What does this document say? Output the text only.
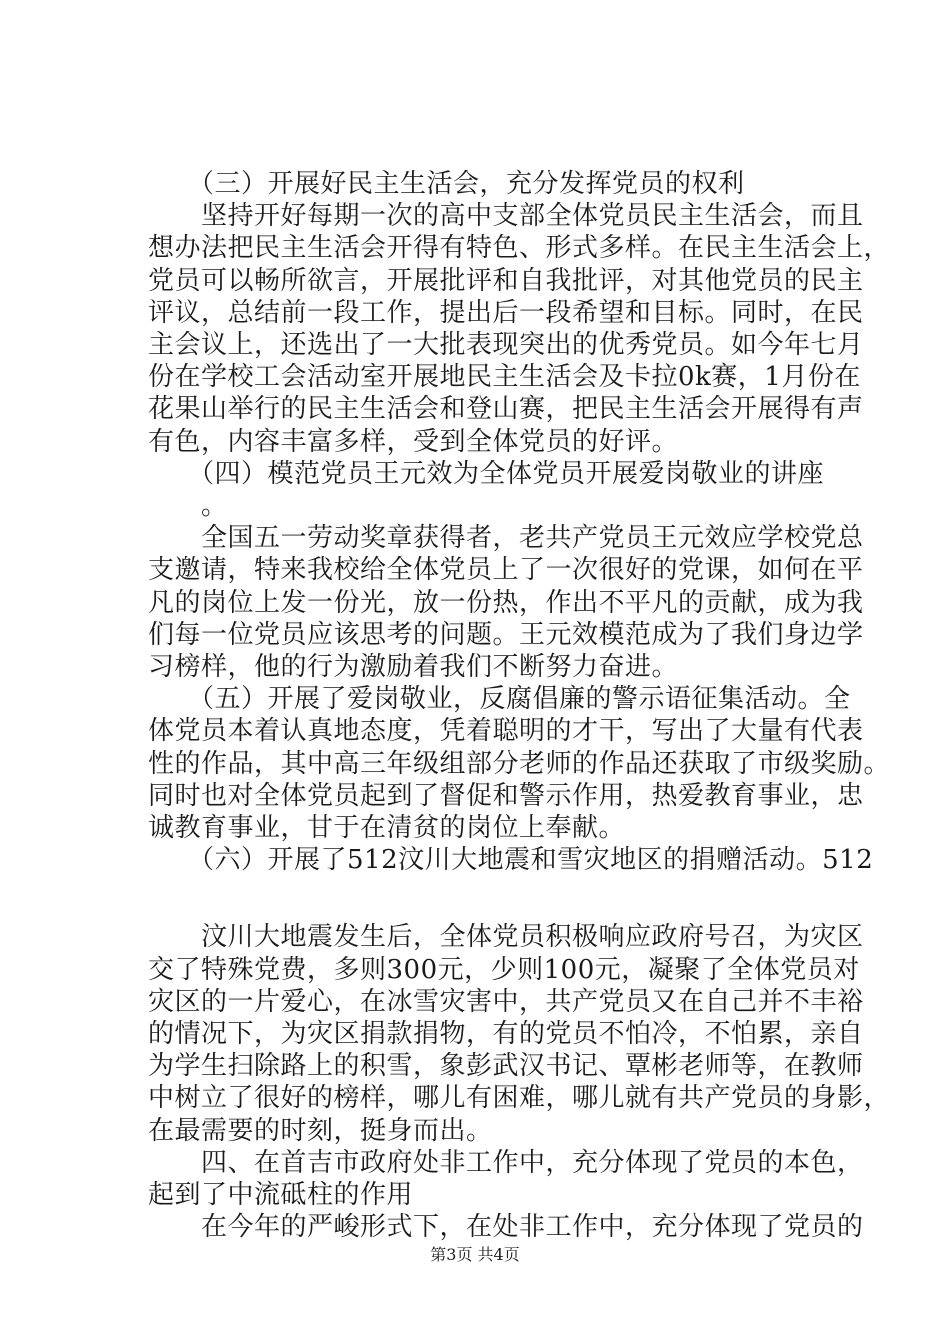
　　（三）开展好民主生活会，充分发挥党员的权利
　　坚持开好每期一次的高中支部全体党员民主生活会，而且
想办法把民主生活会开得有特色、形式多样。在民主生活会上，
党员可以畅所欲言，开展批评和自我批评，对其他党员的民主
评议，总结前一段工作，提出后一段希望和目标。同时，在民
主会议上，还选出了一大批表现突出的优秀党员。如今年七月
份在学校工会活动室开展地民主生活会及卡拉0k赛，1月份在
花果山举行的民主生活会和登山赛，把民主生活会开展得有声
有色，内容丰富多样，受到全体党员的好评。
　　（四）模范党员王元效为全体党员开展爱岗敬业的讲座
　　。
　　全国五一劳动奖章获得者，老共产党员王元效应学校党总
支邀请，特来我校给全体党员上了一次很好的党课，如何在平
凡的岗位上发一份光，放一份热，作出不平凡的贡献，成为我
们每一位党员应该思考的问题。王元效模范成为了我们身边学
习榜样，他的行为激励着我们不断努力奋进。
　　（五）开展了爱岗敬业，反腐倡廉的警示语征集活动。全
体党员本着认真地态度，凭着聪明的才干，写出了大量有代表
性的作品，其中高三年级组部分老师的作品还获取了市级奖励。
同时也对全体党员起到了督促和警示作用，热爱教育事业，忠
诚教育事业，甘于在清贫的岗位上奉献。
　　（六）开展了512汶川大地震和雪灾地区的捐赠活动。512
　　汶川大地震发生后，全体党员积极响应政府号召，为灾区
交了特殊党费，多则300元，少则100元，凝聚了全体党员对
灾区的一片爱心，在冰雪灾害中，共产党员又在自己并不丰裕
的情况下，为灾区捐款捐物，有的党员不怕冷，不怕累，亲自
为学生扫除路上的积雪，象彭武汉书记、覃彬老师等，在教师
中树立了很好的榜样，哪儿有困难，哪儿就有共产党员的身影，
在最需要的时刻，挺身而出。
　　四、在首吉市政府处非工作中，充分体现了党员的本色，
起到了中流砥柱的作用
　　在今年的严峻形式下，在处非工作中，充分体现了党员的
第3页 共4页
